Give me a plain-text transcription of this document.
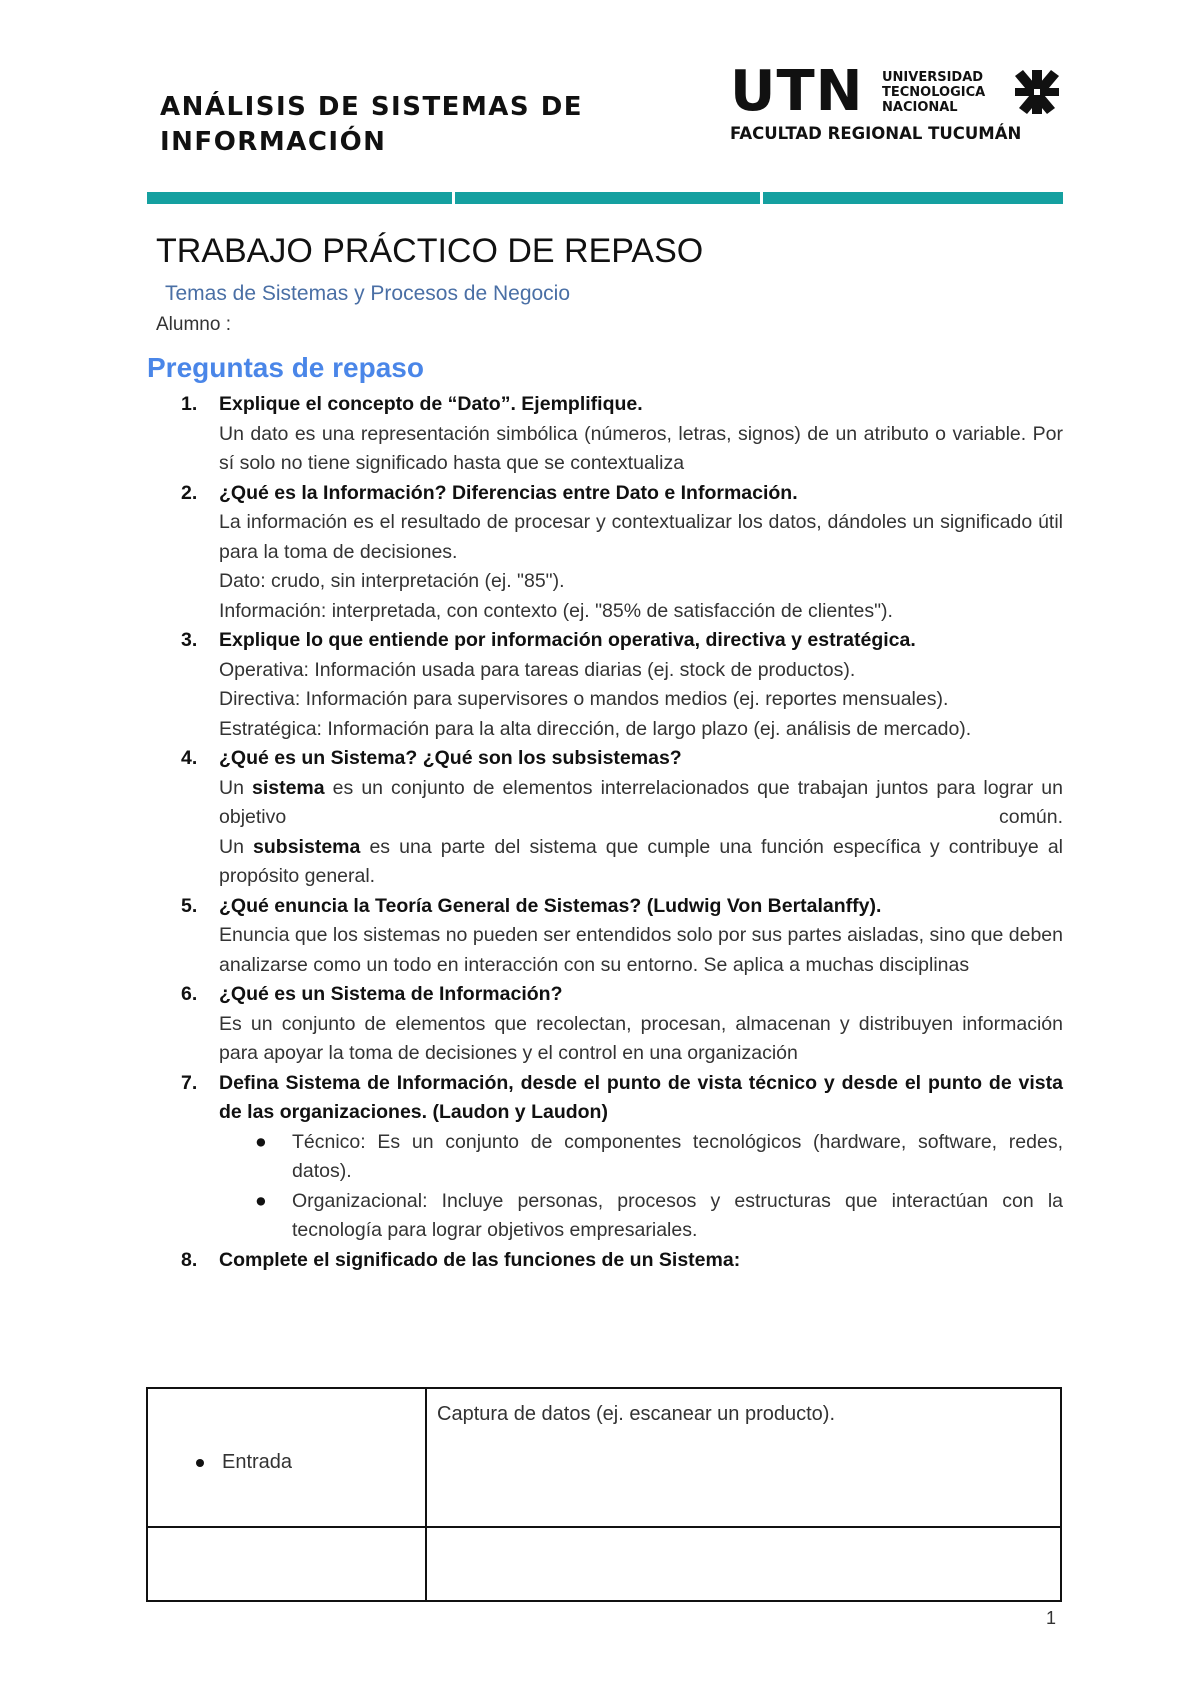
ANÁLISIS DE SISTEMAS DE INFORMACIÓN
UTN UNIVERSIDAD
TECNOLOGICA
NACIONAL
FACULTAD REGIONAL TUCUMÁN
TRABAJO PRÁCTICO DE REPASO
Temas de Sistemas y Procesos de Negocio
Alumno :
Preguntas de repaso
1. Explique el concepto de “Dato”. Ejemplifique.
Un dato es una representación simbólica (números, letras, signos) de un atributo o variable. Por sí solo no tiene significado hasta que se contextualiza
2. ¿Qué es la Información? Diferencias entre Dato e Información.
La información es el resultado de procesar y contextualizar los datos, dándoles un significado útil para la toma de decisiones.
Dato: crudo, sin interpretación (ej. "85").
Información: interpretada, con contexto (ej. "85% de satisfacción de clientes").
3. Explique lo que entiende por información operativa, directiva y estratégica.
Operativa: Información usada para tareas diarias (ej. stock de productos).
Directiva: Información para supervisores o mandos medios (ej. reportes mensuales).
Estratégica: Información para la alta dirección, de largo plazo (ej. análisis de mercado).
4. ¿Qué es un Sistema? ¿Qué son los subsistemas?
Un sistema es un conjunto de elementos interrelacionados que trabajan juntos para lograr un objetivo común.
Un subsistema es una parte del sistema que cumple una función específica y contribuye al propósito general.
5. ¿Qué enuncia la Teoría General de Sistemas? (Ludwig Von Bertalanffy).
Enuncia que los sistemas no pueden ser entendidos solo por sus partes aisladas, sino que deben analizarse como un todo en interacción con su entorno. Se aplica a muchas disciplinas
6. ¿Qué es un Sistema de Información?
Es un conjunto de elementos que recolectan, procesan, almacenan y distribuyen información para apoyar la toma de decisiones y el control en una organización
7. Defina Sistema de Información, desde el punto de vista técnico y desde el punto de vista de las organizaciones. (Laudon y Laudon)
● Técnico: Es un conjunto de componentes tecnológicos (hardware, software, redes, datos).
● Organizacional: Incluye personas, procesos y estructuras que interactúan con la tecnología para lograr objetivos empresariales.
8. Complete el significado de las funciones de un Sistema:
Entrada	Captura de datos (ej. escanear un producto).

1
